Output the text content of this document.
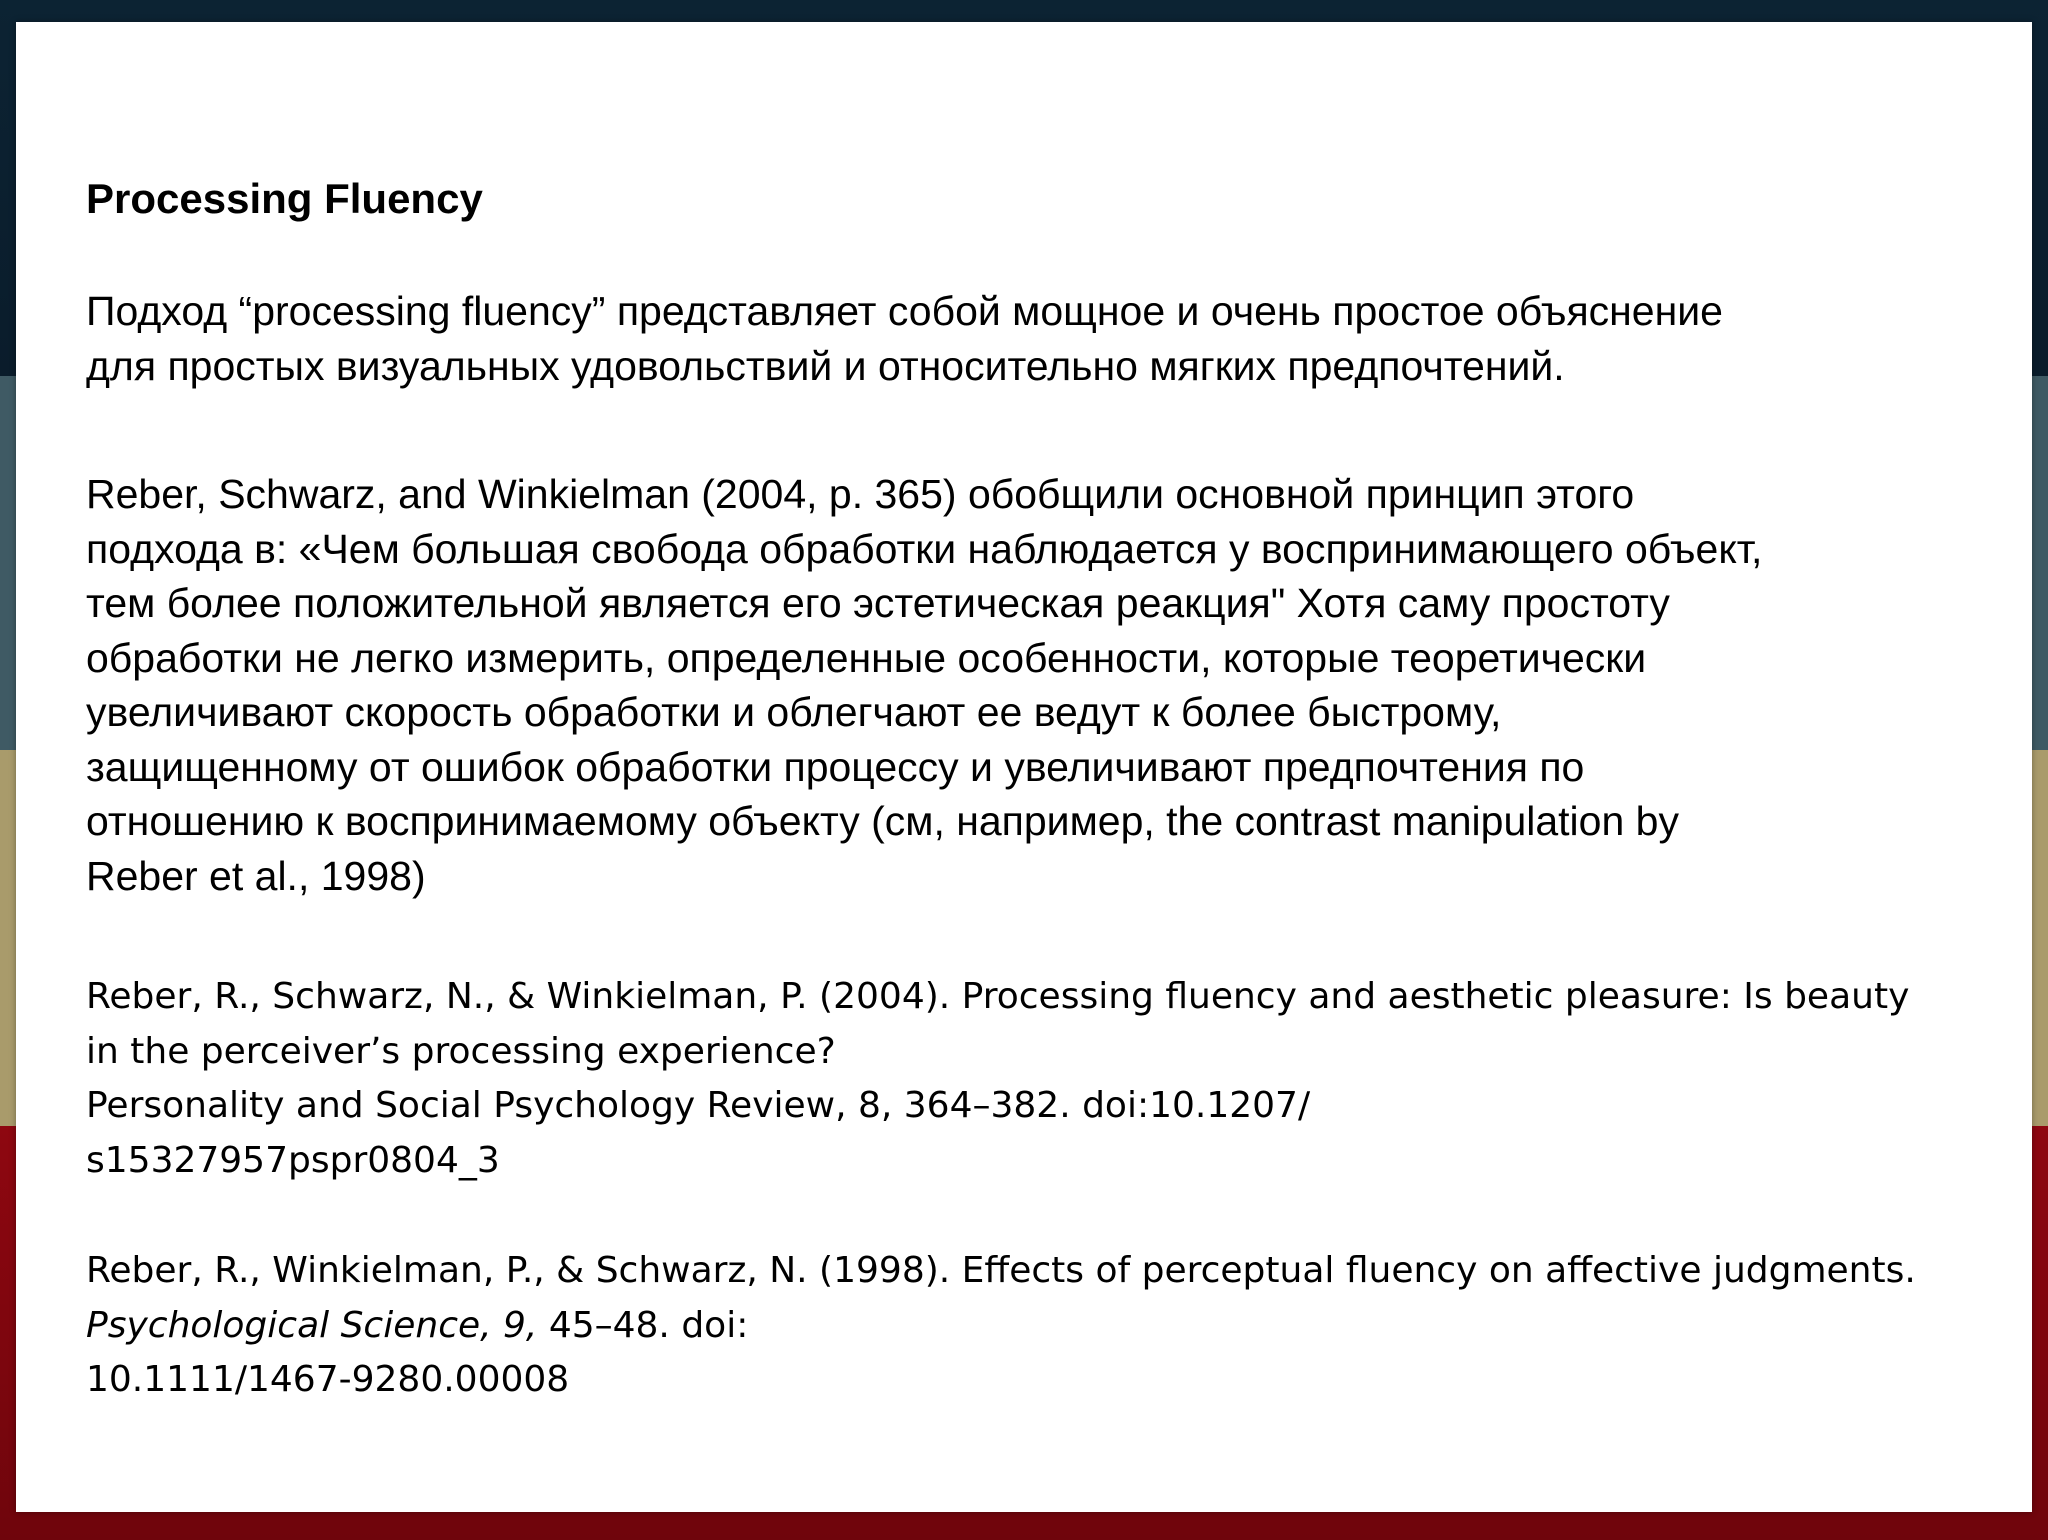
Processing Fluency

Подход “processing fluency” представляет собой мощное и очень простое объяснение
для простых визуальных удовольствий и относительно мягких предпочтений.

Reber, Schwarz, and Winkielman (2004, p. 365) обобщили основной принцип этого
подхода в: «Чем большая свобода обработки наблюдается у воспринимающего объект,
тем более положительной является его эстетическая реакция" Хотя саму простоту
обработки не легко измерить, определенные особенности, которые теоретически
увеличивают скорость обработки и облегчают ее ведут к более быстрому,
защищенному от ошибок обработки процессу и увеличивают предпочтения по
отношению к воспринимаемому объекту (см, например, the contrast manipulation by
Reber et al., 1998)

Reber, R., Schwarz, N., & Winkielman, P. (2004). Processing fluency and aesthetic pleasure: Is beauty
in the perceiver’s processing experience?
Personality and Social Psychology Review, 8, 364–382. doi:10.1207/
s15327957pspr0804_3

Reber, R., Winkielman, P., & Schwarz, N. (1998). Effects of perceptual fluency on affective judgments.
Psychological Science, 9, 45–48. doi:
10.1111/1467-9280.00008
